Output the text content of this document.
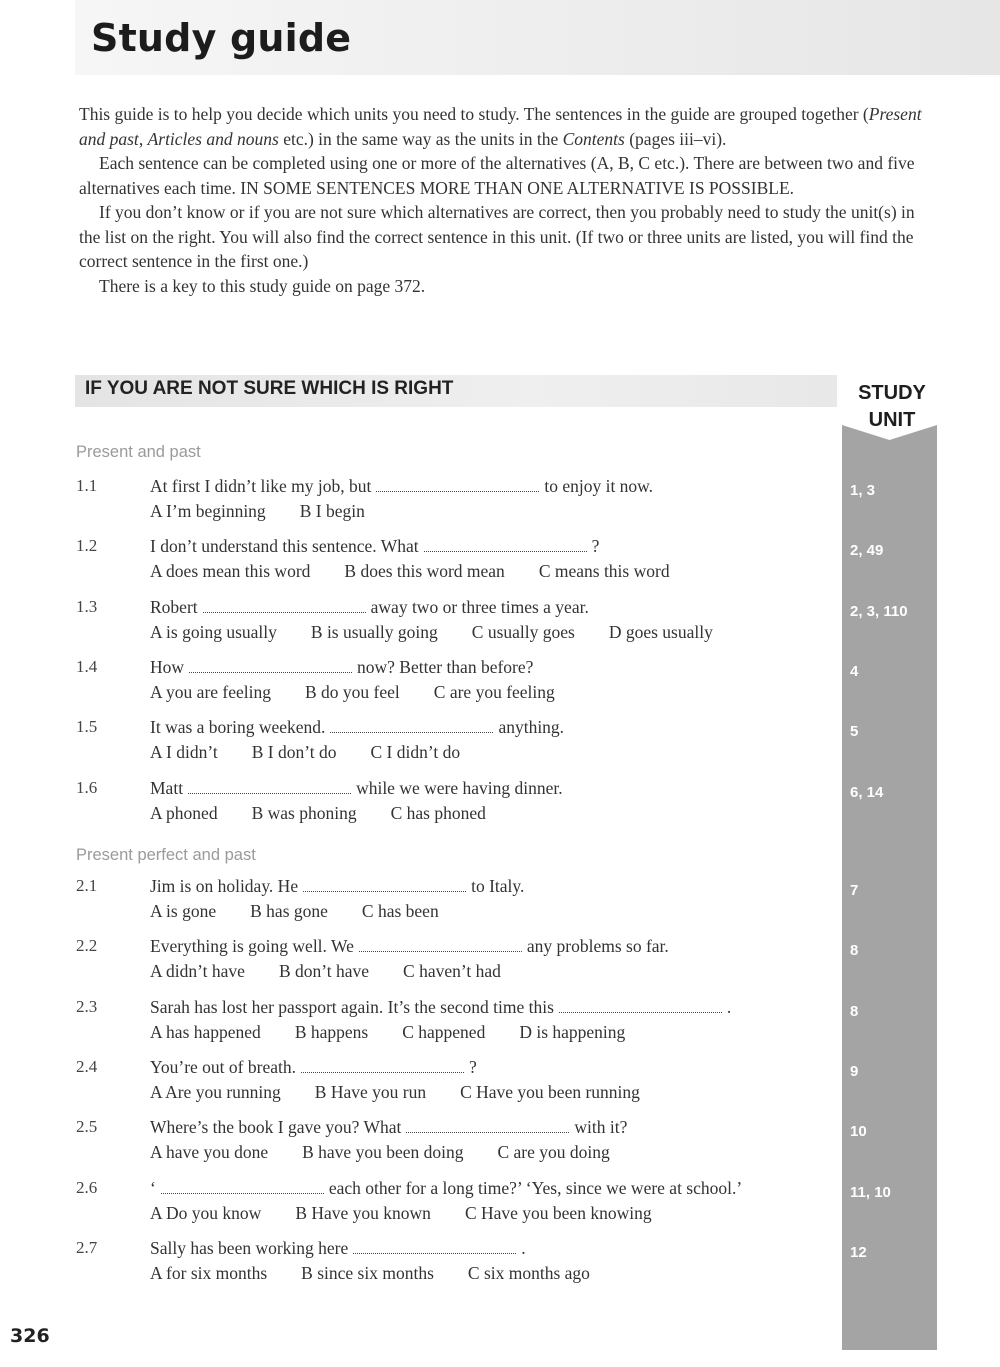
Study guide

This guide is to help you decide which units you need to study. The sentences in the guide are grouped together (Present and past, Articles and nouns etc.) in the same way as the units in the Contents (pages iii–vi).

Each sentence can be completed using one or more of the alternatives (A, B, C etc.). There are between two and five alternatives each time. IN SOME SENTENCES MORE THAN ONE ALTERNATIVE IS POSSIBLE.

If you don’t know or if you are not sure which alternatives are correct, then you probably need to study the unit(s) in the list on the right. You will also find the correct sentence in this unit. (If two or three units are listed, you will find the correct sentence in the first one.)

There is a key to this study guide on page 372.

IF YOU ARE NOT SURE WHICH IS RIGHT	STUDY
UNIT
Present and past
1.1	At first I didn’t like my job, but	to enjoy it now.
A I’m beginning B I begin
1, 3
1.2	I don’t understand this sentence. What	?
A does mean this word B does this word mean C means this word
2, 49
1.3	Robert	away two or three times a year.
A is going usually B is usually going C usually goes D goes usually
2, 3, 110
1.4	How	now? Better than before?
A you are feeling B do you feel C are you feeling
4
1.5	It was a boring weekend.	anything.
A I didn’t B I don’t do C I didn’t do
5
1.6	Matt	while we were having dinner.
A phoned B was phoning C has phoned
6, 14
Present perfect and past
2.1	Jim is on holiday. He	to Italy.
A is gone B has gone C has been
7
2.2	Everything is going well. We	any problems so far.
A didn’t have B don’t have C haven’t had
8
2.3	Sarah has lost her passport again. It’s the second time this	.
A has happened B happens C happened D is happening
8
2.4	You’re out of breath.	?
A Are you running B Have you run C Have you been running
9
2.5	Where’s the book I gave you? What	with it?
A have you done B have you been doing C are you doing
10
2.6	‘	each other for a long time?’ ‘Yes, since we were at school.’
A Do you know B Have you known C Have you been knowing
11, 10
2.7	Sally has been working here	.
A for six months B since six months C six months ago
12
326
